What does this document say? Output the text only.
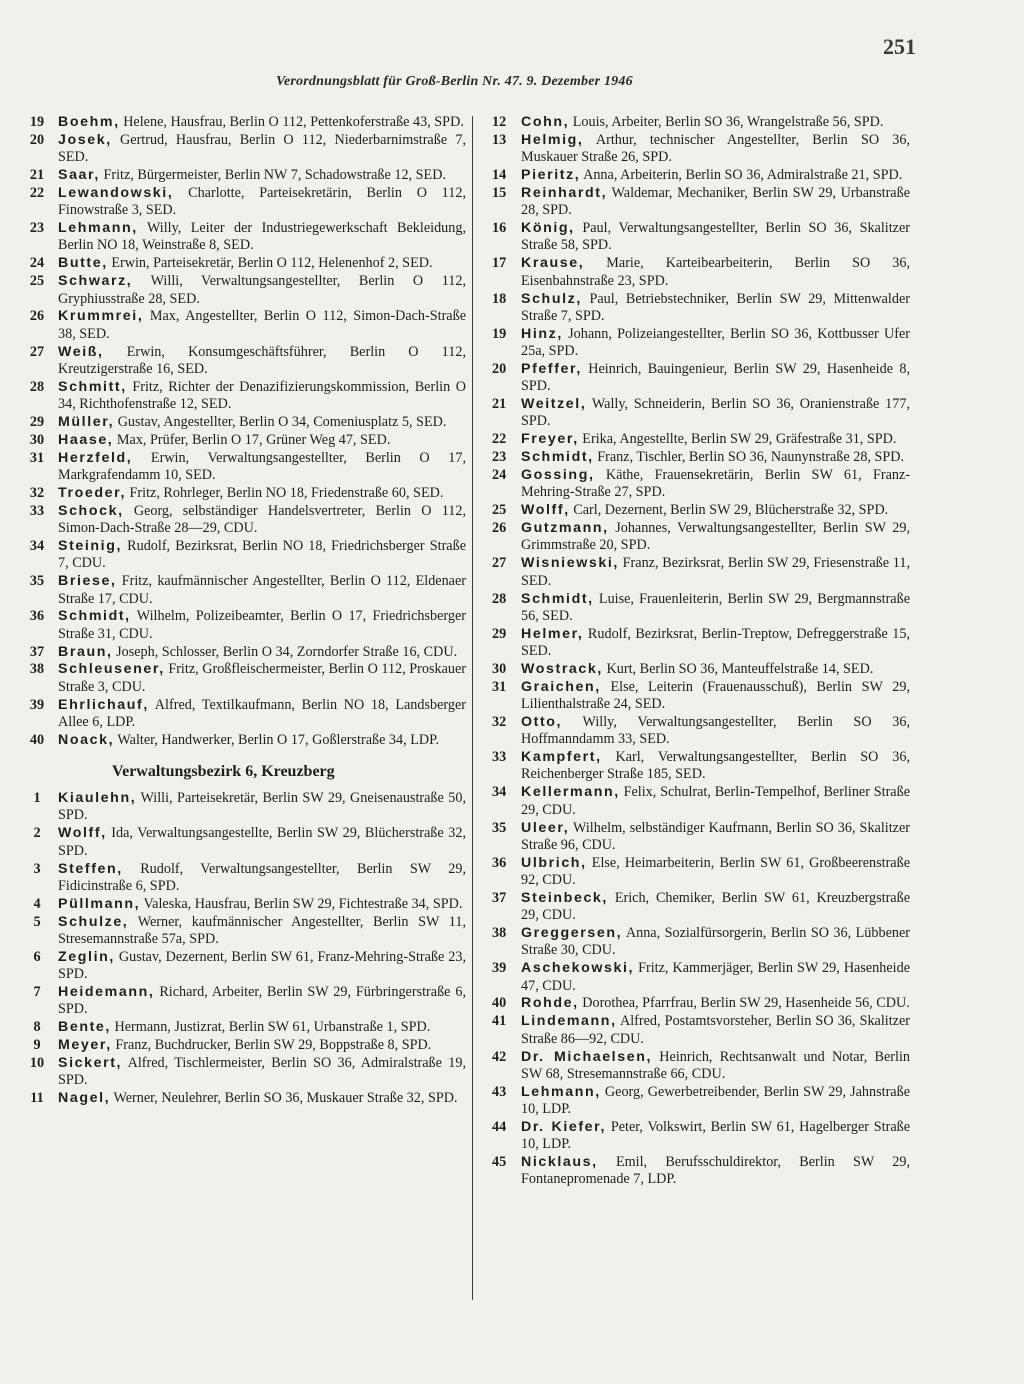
251
Verordnungsblatt für Groß-Berlin Nr. 47. 9. Dezember 1946
19 Boehm, Helene, Hausfrau, Berlin O 112, Pettenkoferstraße 43, SPD.
20 Josek, Gertrud, Hausfrau, Berlin O 112, Niederbarnimstraße 7, SED.
21 Saar, Fritz, Bürgermeister, Berlin NW 7, Schadowstraße 12, SED.
22 Lewandowski, Charlotte, Parteisekretärin, Berlin O 112, Finowstraße 3, SED.
23 Lehmann, Willy, Leiter der Industriegewerkschaft Bekleidung, Berlin NO 18, Weinstraße 8, SED.
24 Butte, Erwin, Parteisekretär, Berlin O 112, Helenenhof 2, SED.
25 Schwarz, Willi, Verwaltungsangestellter, Berlin O 112, Gryphiusstraße 28, SED.
26 Krummrei, Max, Angestellter, Berlin O 112, Simon-Dach-Straße 38, SED.
27 Weiß, Erwin, Konsumgeschäftsführer, Berlin O 112, Kreutzigerstraße 16, SED.
28 Schmitt, Fritz, Richter der Denazifizierungskommission, Berlin O 34, Richthofenstraße 12, SED.
29 Müller, Gustav, Angestellter, Berlin O 34, Comeniusplatz 5, SED.
30 Haase, Max, Prüfer, Berlin O 17, Grüner Weg 47, SED.
31 Herzfeld, Erwin, Verwaltungsangestellter, Berlin O 17, Markgrafendamm 10, SED.
32 Troeder, Fritz, Rohrleger, Berlin NO 18, Friedenstraße 60, SED.
33 Schock, Georg, selbständiger Handelsvertreter, Berlin O 112, Simon-Dach-Straße 28—29, CDU.
34 Steinig, Rudolf, Bezirksrat, Berlin NO 18, Friedrichsberger Straße 7, CDU.
35 Briese, Fritz, kaufmännischer Angestellter, Berlin O 112, Eldenaer Straße 17, CDU.
36 Schmidt, Wilhelm, Polizeibeamter, Berlin O 17, Friedrichsberger Straße 31, CDU.
37 Braun, Joseph, Schlosser, Berlin O 34, Zorndorfer Straße 16, CDU.
38 Schleusener, Fritz, Großfleischermeister, Berlin O 112, Proskauer Straße 3, CDU.
39 Ehrlichauf, Alfred, Textilkaufmann, Berlin NO 18, Landsberger Allee 6, LDP.
40 Noack, Walter, Handwerker, Berlin O 17, Goßlerstraße 34, LDP.
Verwaltungsbezirk 6, Kreuzberg
1	Kiaulehn, Willi, Parteisekretär, Berlin SW 29, Gneisenaustraße 50, SPD.
2	Wolff, Ida, Verwaltungsangestellte, Berlin SW 29, Blücherstraße 32, SPD.
3	Steffen, Rudolf, Verwaltungsangestellter, Berlin SW 29, Fidicinstraße 6, SPD.
4	Püllmann, Valeska, Hausfrau, Berlin SW 29, Fichtestraße 34, SPD.
5	Schulze, Werner, kaufmännischer Angestellter, Berlin SW 11, Stresemannstraße 57a, SPD.
6	Zeglin, Gustav, Dezernent, Berlin SW 61, Franz-Mehring-Straße 23, SPD.
7	Heidemann, Richard, Arbeiter, Berlin SW 29, Fürbringerstraße 6, SPD.
8	Bente, Hermann, Justizrat, Berlin SW 61, Urbanstraße 1, SPD.
9	Meyer, Franz, Buchdrucker, Berlin SW 29, Boppstraße 8, SPD.
10 Sickert, Alfred, Tischlermeister, Berlin SO 36, Admiralstraße 19, SPD.
11	Nagel, Werner, Neulehrer, Berlin SO 36, Muskauer Straße 32, SPD.
12	Cohn, Louis, Arbeiter, Berlin SO 36, Wrangelstraße 56, SPD.
13	Helmig, Arthur, technischer Angestellter, Berlin SO 36, Muskauer Straße 26, SPD.
14	Pieritz, Anna, Arbeiterin, Berlin SO 36, Admiralstraße 21, SPD.
15	Reinhardt, Waldemar, Mechaniker, Berlin SW 29, Urbanstraße 28, SPD.
16	König, Paul, Verwaltungsangestellter, Berlin SO 36, Skalitzer Straße 58, SPD.
17	Krause, Marie, Karteibearbeiterin, Berlin SO 36, Eisenbahnstraße 23, SPD.
18	Schulz, Paul, Betriebstechniker, Berlin SW 29, Mittenwalder Straße 7, SPD.
19	Hinz, Johann, Polizeiangestellter, Berlin SO 36, Kottbusser Ufer 25a, SPD.
20	Pfeffer, Heinrich, Bauingenieur, Berlin SW 29, Hasenheide 8, SPD.
21	Weitzel, Wally, Schneiderin, Berlin SO 36, Oranienstraße 177, SPD.
22	Freyer, Erika, Angestellte, Berlin SW 29, Gräfestraße 31, SPD.
23	Schmidt, Franz, Tischler, Berlin SO 36, Naunynstraße 28, SPD.
24	Gossing, Käthe, Frauensekretärin, Berlin SW 61, Franz-Mehring-Straße 27, SPD.
25	Wolff, Carl, Dezernent, Berlin SW 29, Blücherstraße 32, SPD.
26	Gutzmann, Johannes, Verwaltungsangestellter, Berlin SW 29, Grimmstraße 20, SPD.
27	Wisniewski, Franz, Bezirksrat, Berlin SW 29, Friesenstraße 11, SED.
28	Schmidt, Luise, Frauenleiterin, Berlin SW 29, Bergmannstraße 56, SED.
29	Helmer, Rudolf, Bezirksrat, Berlin-Treptow, Defreggerstraße 15, SED.
30	Wostrack, Kurt, Berlin SO 36, Manteuffelstraße 14, SED.
31	Graichen, Else, Leiterin (Frauenausschuß), Berlin SW 29, Lilienthalstraße 24, SED.
32	Otto, Willy, Verwaltungsangestellter, Berlin SO 36, Hoffmanndamm 33, SED.
33	Kampfert, Karl, Verwaltungsangestellter, Berlin SO 36, Reichenberger Straße 185, SED.
34	Kellermann, Felix, Schulrat, Berlin-Tempelhof, Berliner Straße 29, CDU.
35	Uleer, Wilhelm, selbständiger Kaufmann, Berlin SO 36, Skalitzer Straße 96, CDU.
36	Ulbrich, Else, Heimarbeiterin, Berlin SW 61, Großbeerenstraße 92, CDU.
37	Steinbeck, Erich, Chemiker, Berlin SW 61, Kreuzbergstraße 29, CDU.
38	Greggersen, Anna, Sozialfürsorgerin, Berlin SO 36, Lübbener Straße 30, CDU.
39	Aschekowski, Fritz, Kammerjäger, Berlin SW 29, Hasenheide 47, CDU.
40	Rohde, Dorothea, Pfarrfrau, Berlin SW 29, Hasenheide 56, CDU.
41	Lindemann, Alfred, Postamtsvorsteher, Berlin SO 36, Skalitzer Straße 86—92, CDU.
42	Dr. Michaelsen, Heinrich, Rechtsanwalt und Notar, Berlin SW 68, Stresemannstraße 66, CDU.
43	Lehmann, Georg, Gewerbetreibender, Berlin SW 29, Jahnstraße 10, LDP.
44	Dr. Kiefer, Peter, Volkswirt, Berlin SW 61, Hagelberger Straße 10, LDP.
45	Nicklaus, Emil, Berufsschuldirektor, Berlin SW 29, Fontanepromenade 7, LDP.
